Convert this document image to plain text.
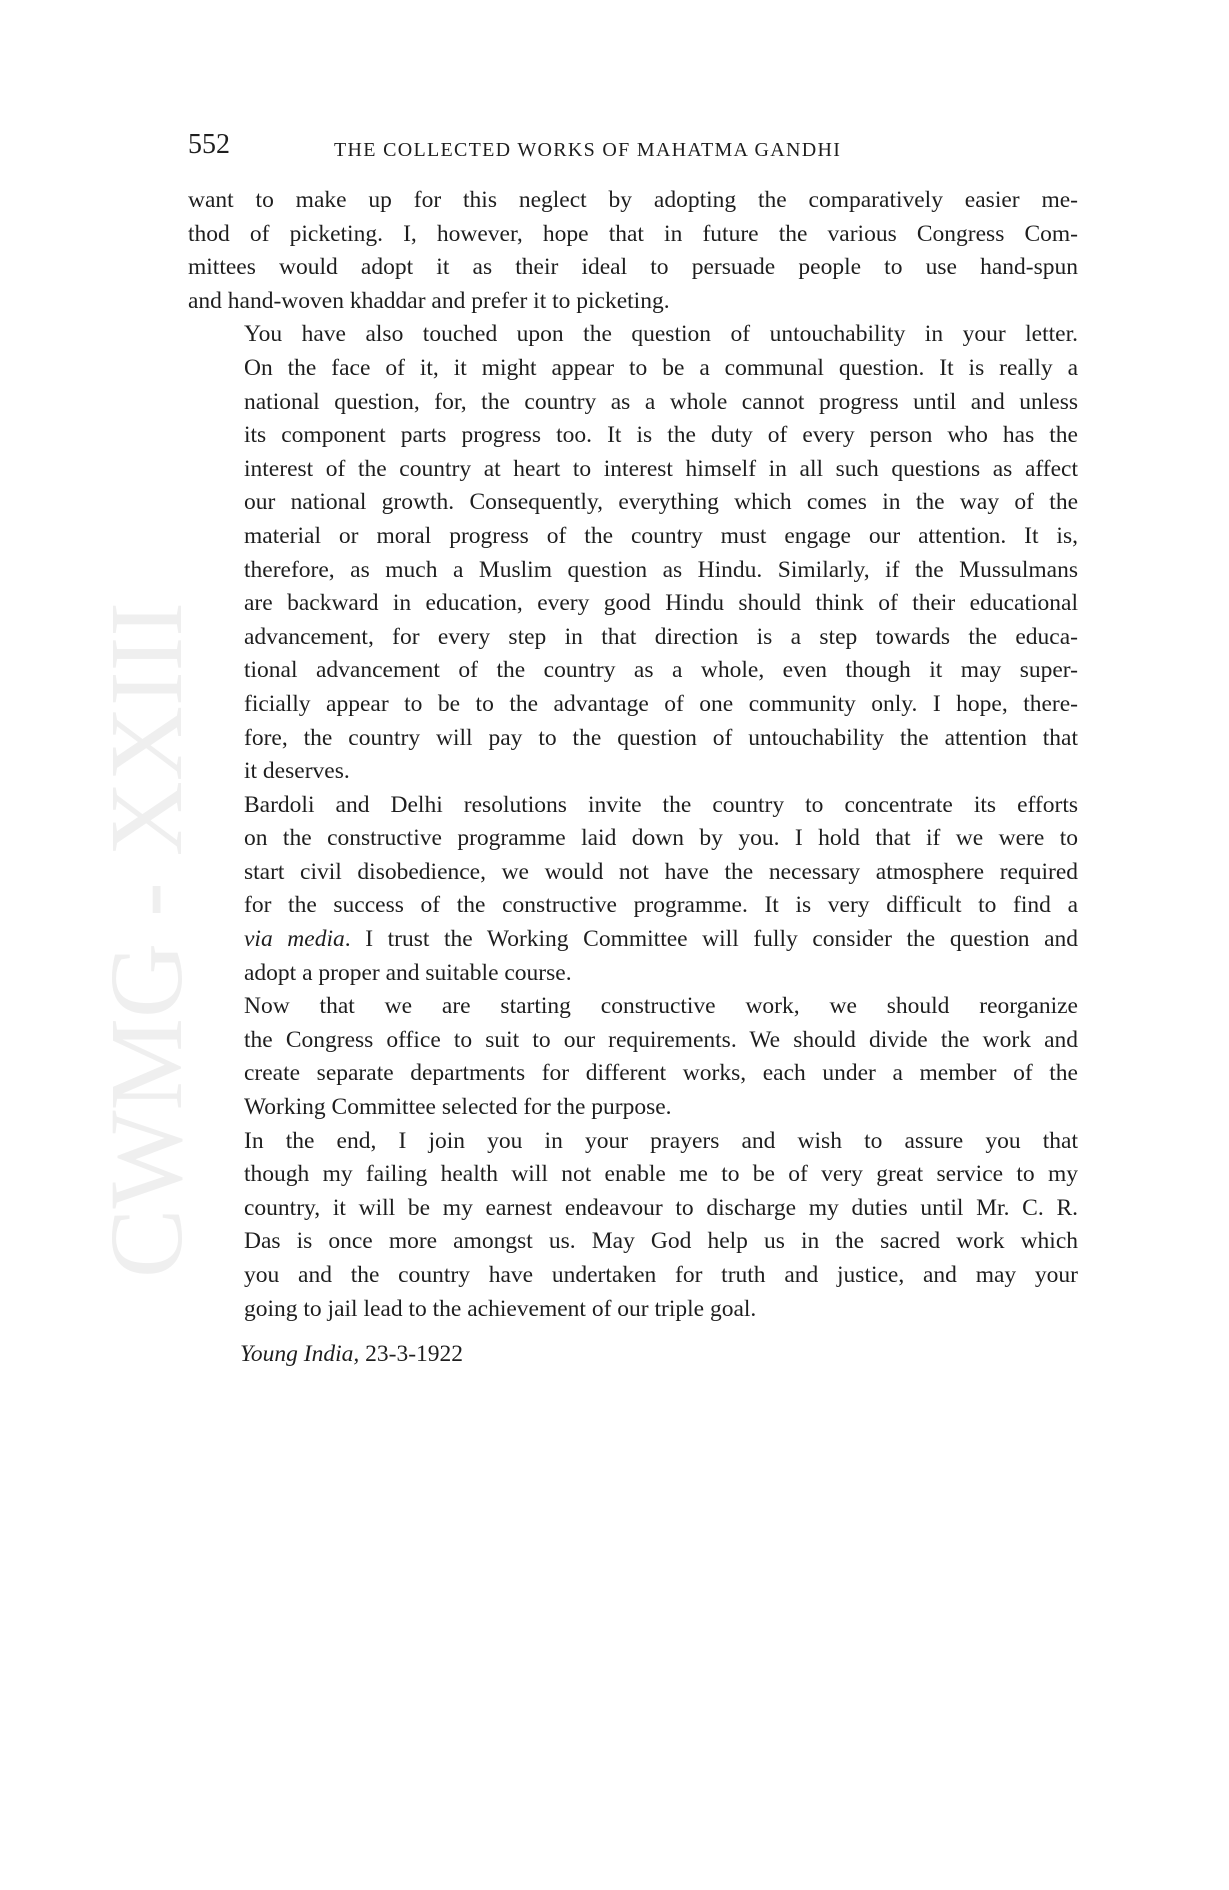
CWMG - XXIII
552	THE COLLECTED WORKS OF MAHATMA GANDHI
want to make up for this neglect by adopting the comparatively easier me-
thod of picketing. I, however, hope that in future the various Congress Com-
mittees would adopt it as their ideal to persuade people to use hand-spun
and hand-woven khaddar and prefer it to picketing.
You have also touched upon the question of untouchability in your letter.
On the face of it, it might appear to be a communal question. It is really a
national question, for, the country as a whole cannot progress until and unless
its component parts progress too. It is the duty of every person who has the
interest of the country at heart to interest himself in all such questions as affect
our national growth. Consequently, everything which comes in the way of the
material or moral progress of the country must engage our attention. It is,
therefore, as much a Muslim question as Hindu. Similarly, if the Mussulmans
are backward in education, every good Hindu should think of their educational
advancement, for every step in that direction is a step towards the educa-
tional advancement of the country as a whole, even though it may super-
ficially appear to be to the advantage of one community only. I hope, there-
fore, the country will pay to the question of untouchability the attention that
it deserves.
Bardoli and Delhi resolutions invite the country to concentrate its efforts
on the constructive programme laid down by you. I hold that if we were to
start civil disobedience, we would not have the necessary atmosphere required
for the success of the constructive programme. It is very difficult to find a
via media. I trust the Working Committee will fully consider the question and
adopt a proper and suitable course.
Now that we are starting constructive work, we should reorganize
the Congress office to suit to our requirements. We should divide the work and
create separate departments for different works, each under a member of the
Working Committee selected for the purpose.
In the end, I join you in your prayers and wish to assure you that
though my failing health will not enable me to be of very great service to my
country, it will be my earnest endeavour to discharge my duties until Mr. C. R.
Das is once more amongst us. May God help us in the sacred work which
you and the country have undertaken for truth and justice, and may your
going to jail lead to the achievement of our triple goal.
Young India, 23-3-1922
